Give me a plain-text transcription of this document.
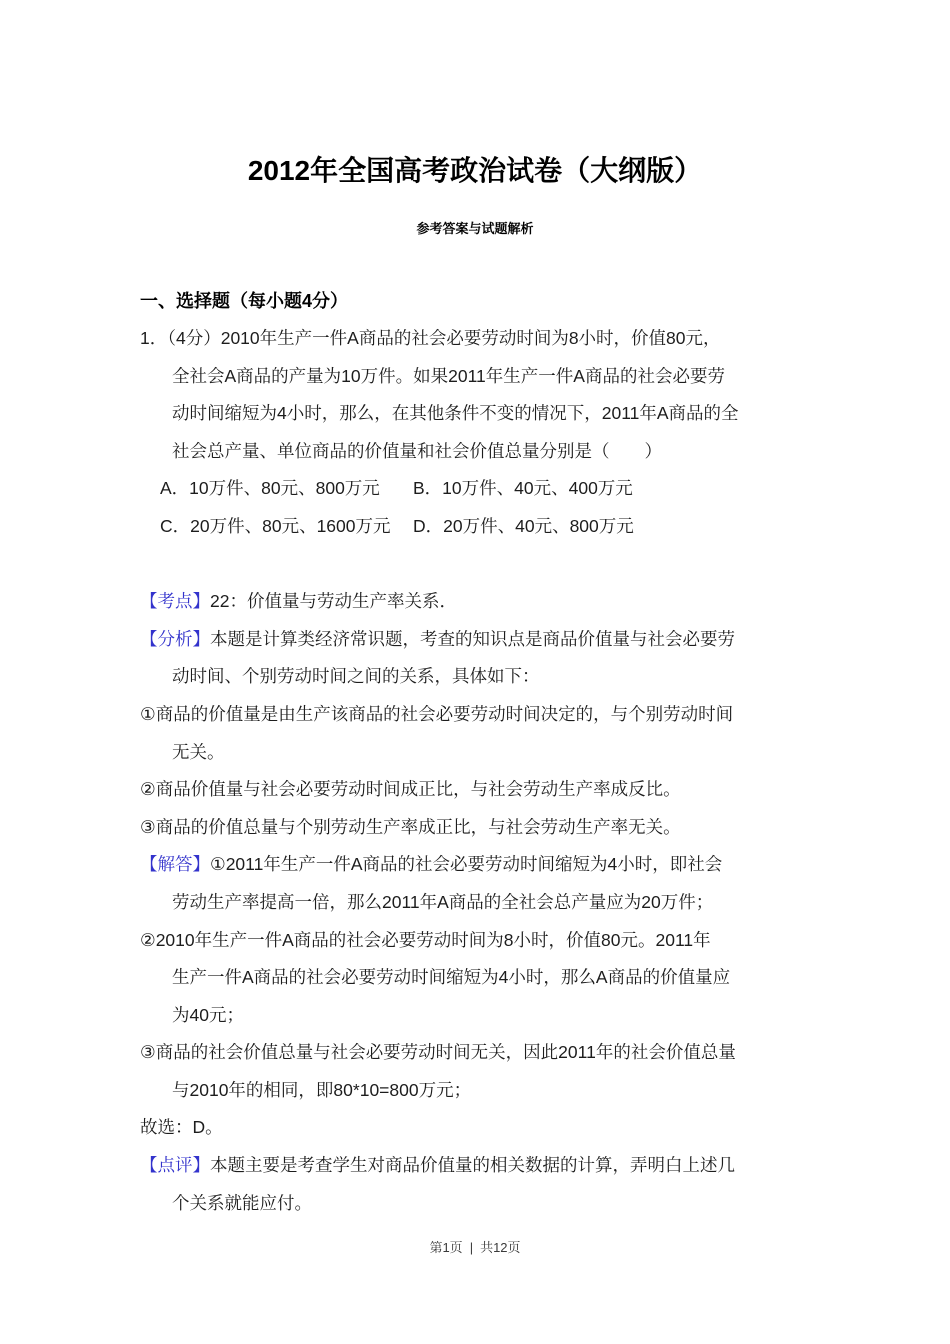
2012年全国高考政治试卷（大纲版）
参考答案与试题解析
一、选择题（每小题4分）
1．（4分）2010年生产一件A商品的社会必要劳动时间为8小时，价值80元，
全社会A商品的产量为10万件。如果2011年生产一件A商品的社会必要劳
动时间缩短为4小时，那么，在其他条件不变的情况下，2011年A商品的全
社会总产量、单位商品的价值量和社会价值总量分别是（　　）
A．10万件、80元、800万元 B．10万件、40元、400万元
C．20万件、80元、1600万元 D．20万件、40元、800万元
【考点】22：价值量与劳动生产率关系．
【分析】本题是计算类经济常识题，考查的知识点是商品价值量与社会必要劳
动时间、个别劳动时间之间的关系，具体如下：
①商品的价值量是由生产该商品的社会必要劳动时间决定的，与个别劳动时间
无关。
②商品价值量与社会必要劳动时间成正比，与社会劳动生产率成反比。
③商品的价值总量与个别劳动生产率成正比，与社会劳动生产率无关。
【解答】①2011年生产一件A商品的社会必要劳动时间缩短为4小时，即社会
劳动生产率提高一倍，那么2011年A商品的全社会总产量应为20万件；
②2010年生产一件A商品的社会必要劳动时间为8小时，价值80元。2011年
生产一件A商品的社会必要劳动时间缩短为4小时，那么A商品的价值量应
为40元；
③商品的社会价值总量与社会必要劳动时间无关，因此2011年的社会价值总量
与2010年的相同，即80*10=800万元；
故选：D。
【点评】本题主要是考查学生对商品价值量的相关数据的计算，弄明白上述几
个关系就能应付。
第1页 | 共12页
